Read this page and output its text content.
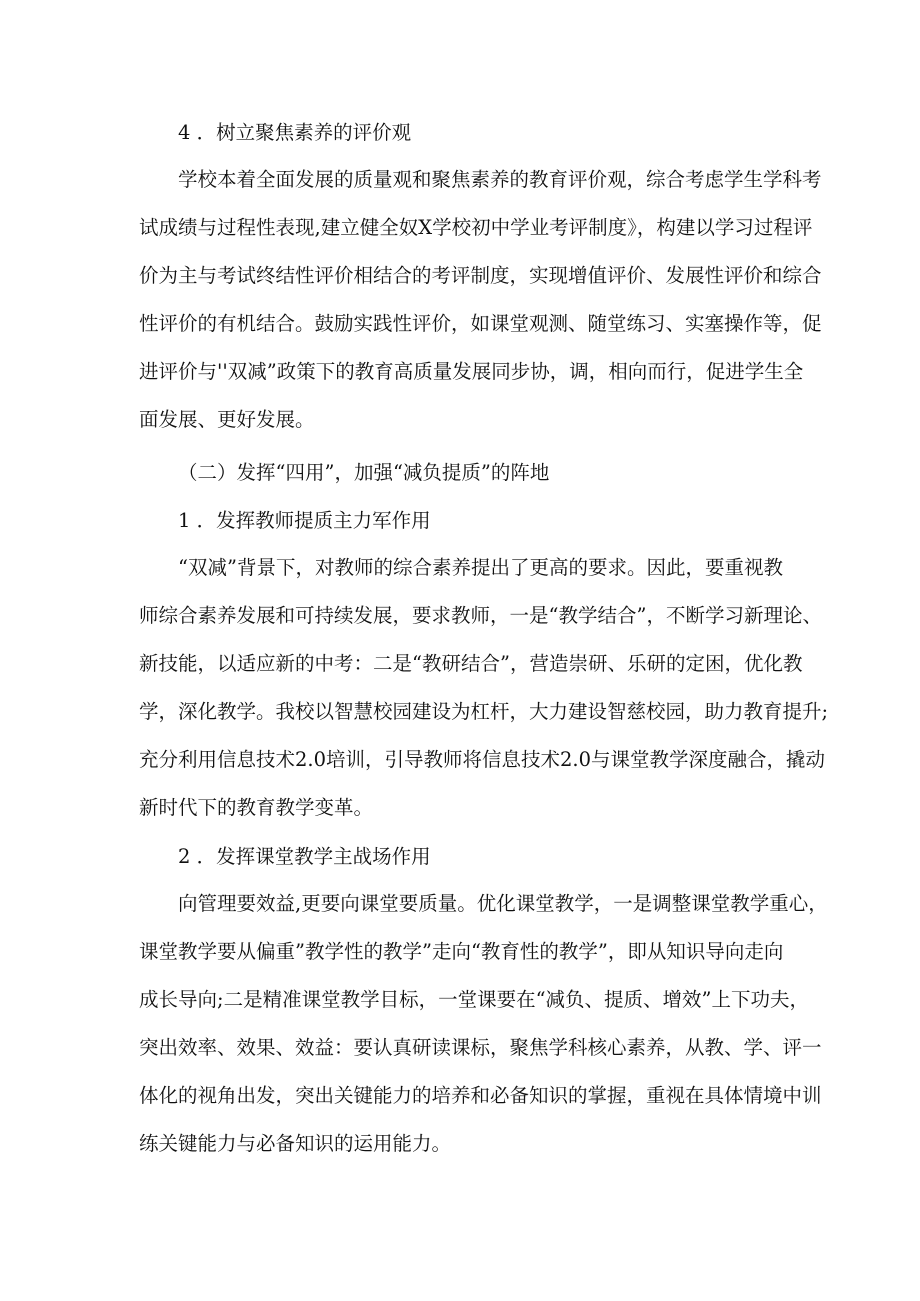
4 ．树立聚焦素养的评价观
学校本着全面发展的质量观和聚焦素养的教育评价观，综合考虑学生学科考
试成绩与过程性表现,建立健全奴X学校初中学业考评制度》，构建以学习过程评
价为主与考试终结性评价相结合的考评制度，实现增值评价、发展性评价和综合
性评价的有机结合。鼓励实践性评价，如课堂观测、随堂练习、实塞操作等，促
进评价与''双减”政策下的教育高质量发展同步协，调，相向而行，促进学生全
面发展、更好发展。
（二）发挥“四用”，加强“减负提质”的阵地
1 ．发挥教师提质主力军作用
“双减”背景下，对教师的综合素养提出了更高的要求。因此，要重视教
师综合素养发展和可持续发展，要求教师，一是“教学结合”，不断学习新理论、
新技能，以适应新的中考：二是“教研结合”，营造崇研、乐研的定困，优化教
学，深化教学。我校以智慧校园建设为杠杆，大力建设智慈校园，助力教育提升;
充分利用信息技术2.0培训，引导教师将信息技术2.0与课堂教学深度融合，撬动
新时代下的教育教学变革。
2 ．发挥课堂教学主战场作用
向管理要效益,更要向课堂要质量。优化课堂教学，一是调整课堂教学重心，
课堂教学要从偏重”教学性的教学”走向“教育性的教学”，即从知识导向走向
成长导向;二是精准课堂教学目标，一堂课要在“减负、提质、增效”上下功夫，
突出效率、效果、效益：要认真研读课标，聚焦学科核心素养，从教、学、评一
体化的视角出发，突出关键能力的培养和必备知识的掌握，重视在具体情境中训
练关键能力与必备知识的运用能力。
